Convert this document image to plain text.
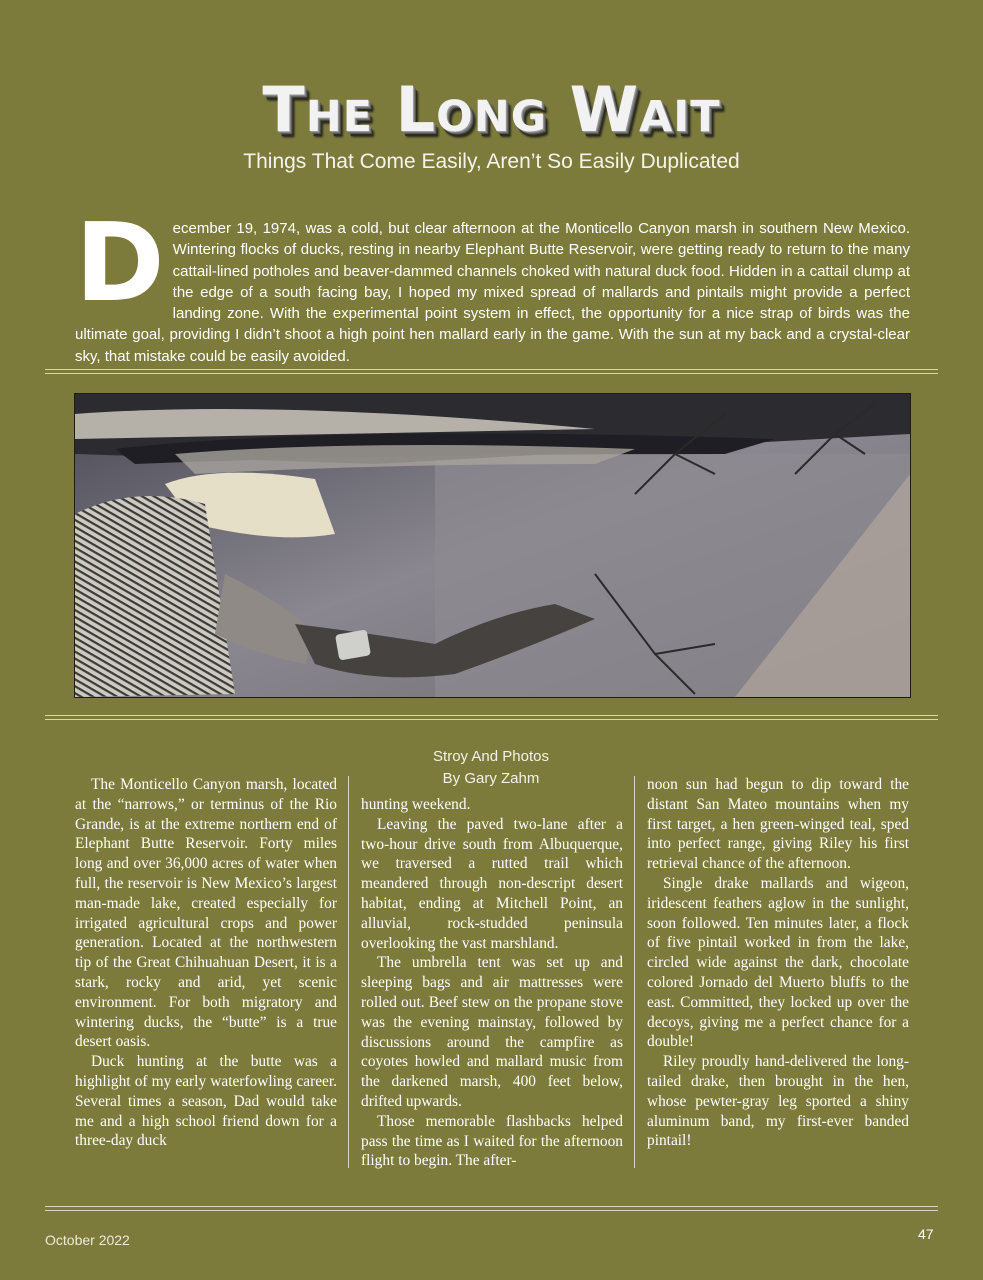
The Long Wait
Things That Come Easily, Aren’t So Easily Duplicated
D ecember 19, 1974, was a cold, but clear afternoon at the Monticello Canyon marsh in southern New Mexico. Wintering flocks of ducks, resting in nearby Elephant Butte Reservoir, were getting ready to return to the many cattail-lined potholes and beaver-dammed channels choked with natural duck food. Hidden in a cattail clump at the edge of a south facing bay, I hoped my mixed spread of mallards and pintails might provide a perfect landing zone. With the experimental point system in effect, the opportunity for a nice strap of birds was the ultimate goal, providing I didn’t shoot a high point hen mallard early in the game. With the sun at my back and a crystal-clear sky, that mistake could be easily avoided.
Stroy And Photos
By Gary Zahm

The Monticello Canyon marsh, located at the “narrows,” or terminus of the Rio Grande, is at the extreme northern end of Elephant Butte Reservoir. Forty miles long and over 36,000 acres of water when full, the reservoir is New Mexico’s largest man-made lake, created especially for irrigated agricultural crops and power generation. Located at the northwestern tip of the Great Chihuahuan Desert, it is a stark, rocky and arid, yet scenic environment. For both migratory and wintering ducks, the “butte” is a true desert oasis.

Duck hunting at the butte was a highlight of my early waterfowling career. Several times a season, Dad would take me and a high school friend down for a three-day duck

hunting weekend.

Leaving the paved two-lane after a two-hour drive south from Albuquerque, we traversed a rutted trail which meandered through non-descript desert habitat, ending at Mitchell Point, an alluvial, rock-studded peninsula overlooking the vast marshland.

The umbrella tent was set up and sleeping bags and air mattresses were rolled out. Beef stew on the propane stove was the evening mainstay, followed by discussions around the campfire as coyotes howled and mallard music from the darkened marsh, 400 feet below, drifted upwards.

Those memorable flashbacks helped pass the time as I waited for the afternoon flight to begin. The after-

noon sun had begun to dip toward the distant San Mateo mountains when my first target, a hen green-winged teal, sped into perfect range, giving Riley his first retrieval chance of the afternoon.

Single drake mallards and wigeon, iridescent feathers aglow in the sunlight, soon followed. Ten minutes later, a flock of five pintail worked in from the lake, circled wide against the dark, chocolate colored Jornado del Muerto bluffs to the east. Committed, they locked up over the decoys, giving me a perfect chance for a double!

Riley proudly hand-delivered the long-tailed drake, then brought in the hen, whose pewter-gray leg sported a shiny aluminum band, my first-ever banded pintail!

October 2022	47
